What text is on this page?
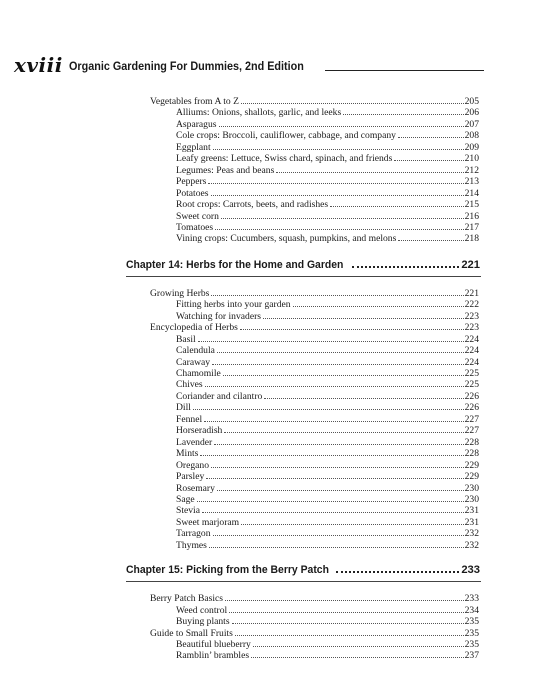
xviii Organic Gardening For Dummies, 2nd Edition
Vegetables from A to Z	205
Alliums: Onions, shallots, garlic, and leeks	206
Asparagus	207
Cole crops: Broccoli, cauliflower, cabbage, and company	208
Eggplant	209
Leafy greens: Lettuce, Swiss chard, spinach, and friends	210
Legumes: Peas and beans	212
Peppers	213
Potatoes	214
Root crops: Carrots, beets, and radishes	215
Sweet corn	216
Tomatoes	217
Vining crops: Cucumbers, squash, pumpkins, and melons	218
Chapter 14: Herbs for the Home and Garden	221
Growing Herbs	221
Fitting herbs into your garden	222
Watching for invaders	223
Encyclopedia of Herbs	223
Basil	224
Calendula	224
Caraway	224
Chamomile	225
Chives	225
Coriander and cilantro	226
Dill	226
Fennel	227
Horseradish	227
Lavender	228
Mints	228
Oregano	229
Parsley	229
Rosemary	230
Sage	230
Stevia	231
Sweet marjoram	231
Tarragon	232
Thymes	232
Chapter 15: Picking from the Berry Patch	233
Berry Patch Basics	233
Weed control	234
Buying plants	235
Guide to Small Fruits	235
Beautiful blueberry	235
Ramblin’ brambles	237
